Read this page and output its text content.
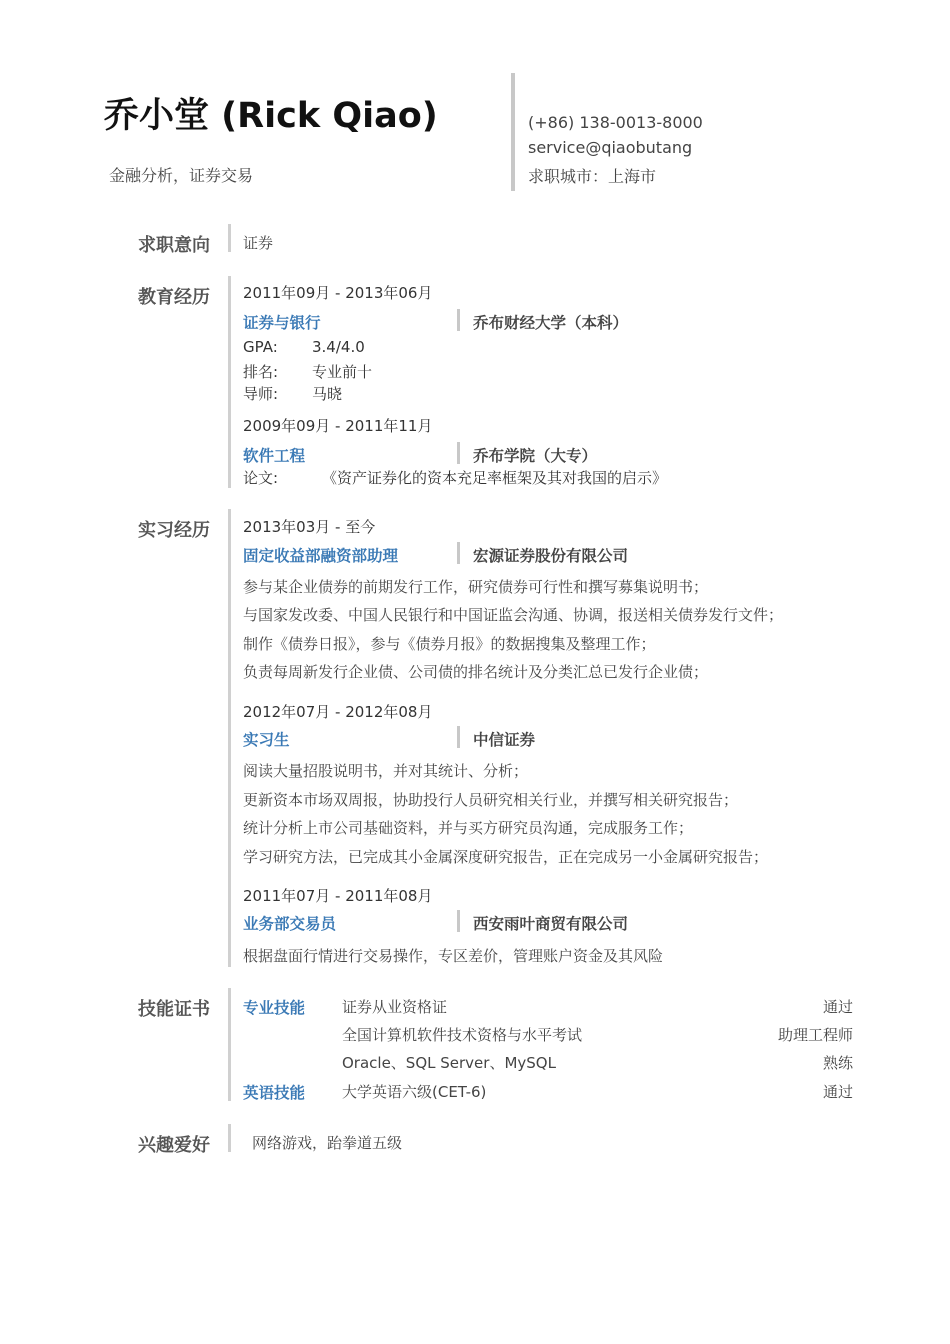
乔小堂 (Rick Qiao)
金融分析，证券交易
(+86) 138-0013-8000
service@qiaobutang
求职城市：上海市
求职意向 证券
教育经历 2011年09月 - 2013年06月
证券与银行	乔布财经大学（本科）
GPA: 3.4/4.0
排名: 专业前十
导师: 马晓
2009年09月 - 2011年11月
软件工程	乔布学院（大专）
论文:	《资产证券化的资本充足率框架及其对我国的启示》
实习经历 2013年03月 - 至今
固定收益部融资部助理	宏源证券股份有限公司
参与某企业债券的前期发行工作，研究债券可行性和撰写募集说明书；
与国家发改委、中国人民银行和中国证监会沟通、协调，报送相关债券发行文件；
制作《债券日报》，参与《债券月报》的数据搜集及整理工作；
负责每周新发行企业债、公司债的排名统计及分类汇总已发行企业债；
2012年07月 - 2012年08月
实习生	中信证券
阅读大量招股说明书，并对其统计、分析；
更新资本市场双周报，协助投行人员研究相关行业，并撰写相关研究报告；
统计分析上市公司基础资料，并与买方研究员沟通，完成服务工作；
学习研究方法，已完成其小金属深度研究报告，正在完成另一小金属研究报告；
2011年07月 - 2011年08月
业务部交易员	西安雨叶商贸有限公司
根据盘面行情进行交易操作，专区差价，管理账户资金及其风险
技能证书 专业技能 证券从业资格证	通过
全国计算机软件技术资格与水平考试	助理工程师
Oracle、SQL Server、MySQL	熟练
英语技能 大学英语六级(CET-6)	通过
兴趣爱好	网络游戏，跆拳道五级
